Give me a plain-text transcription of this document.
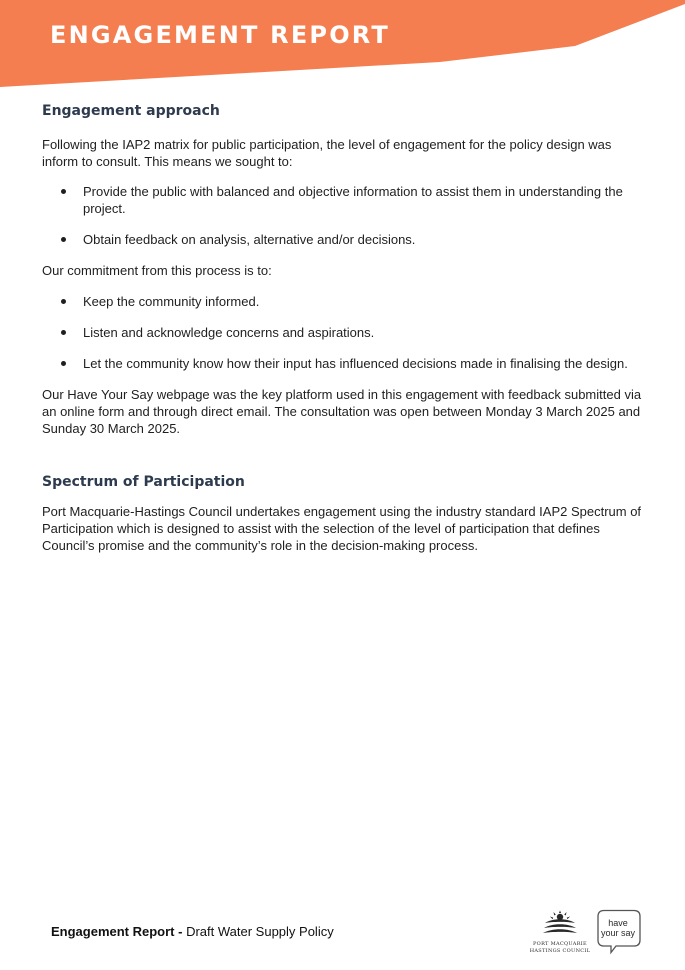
ENGAGEMENT REPORT
Engagement approach

Following the IAP2 matrix for public participation, the level of engagement for the policy design was inform to consult. This means we sought to:

Provide the public with balanced and objective information to assist them in understanding the project.
Obtain feedback on analysis, alternative and/or decisions.

Our commitment from this process is to:

Keep the community informed.
Listen and acknowledge concerns and aspirations.
Let the community know how their input has influenced decisions made in finalising the design.

Our Have Your Say webpage was the key platform used in this engagement with feedback submitted via an online form and through direct email. The consultation was open between Monday 3 March 2025 and Sunday 30 March 2025.

Spectrum of Participation

Port Macquarie-Hastings Council undertakes engagement using the industry standard IAP2 Spectrum of Participation which is designed to assist with the selection of the level of participation that defines Council’s promise and the community’s role in the decision-making process.

Engagement Report - Draft Water Supply Policy
PORT MACQUARIE
HASTINGS COUNCIL
have
your say
